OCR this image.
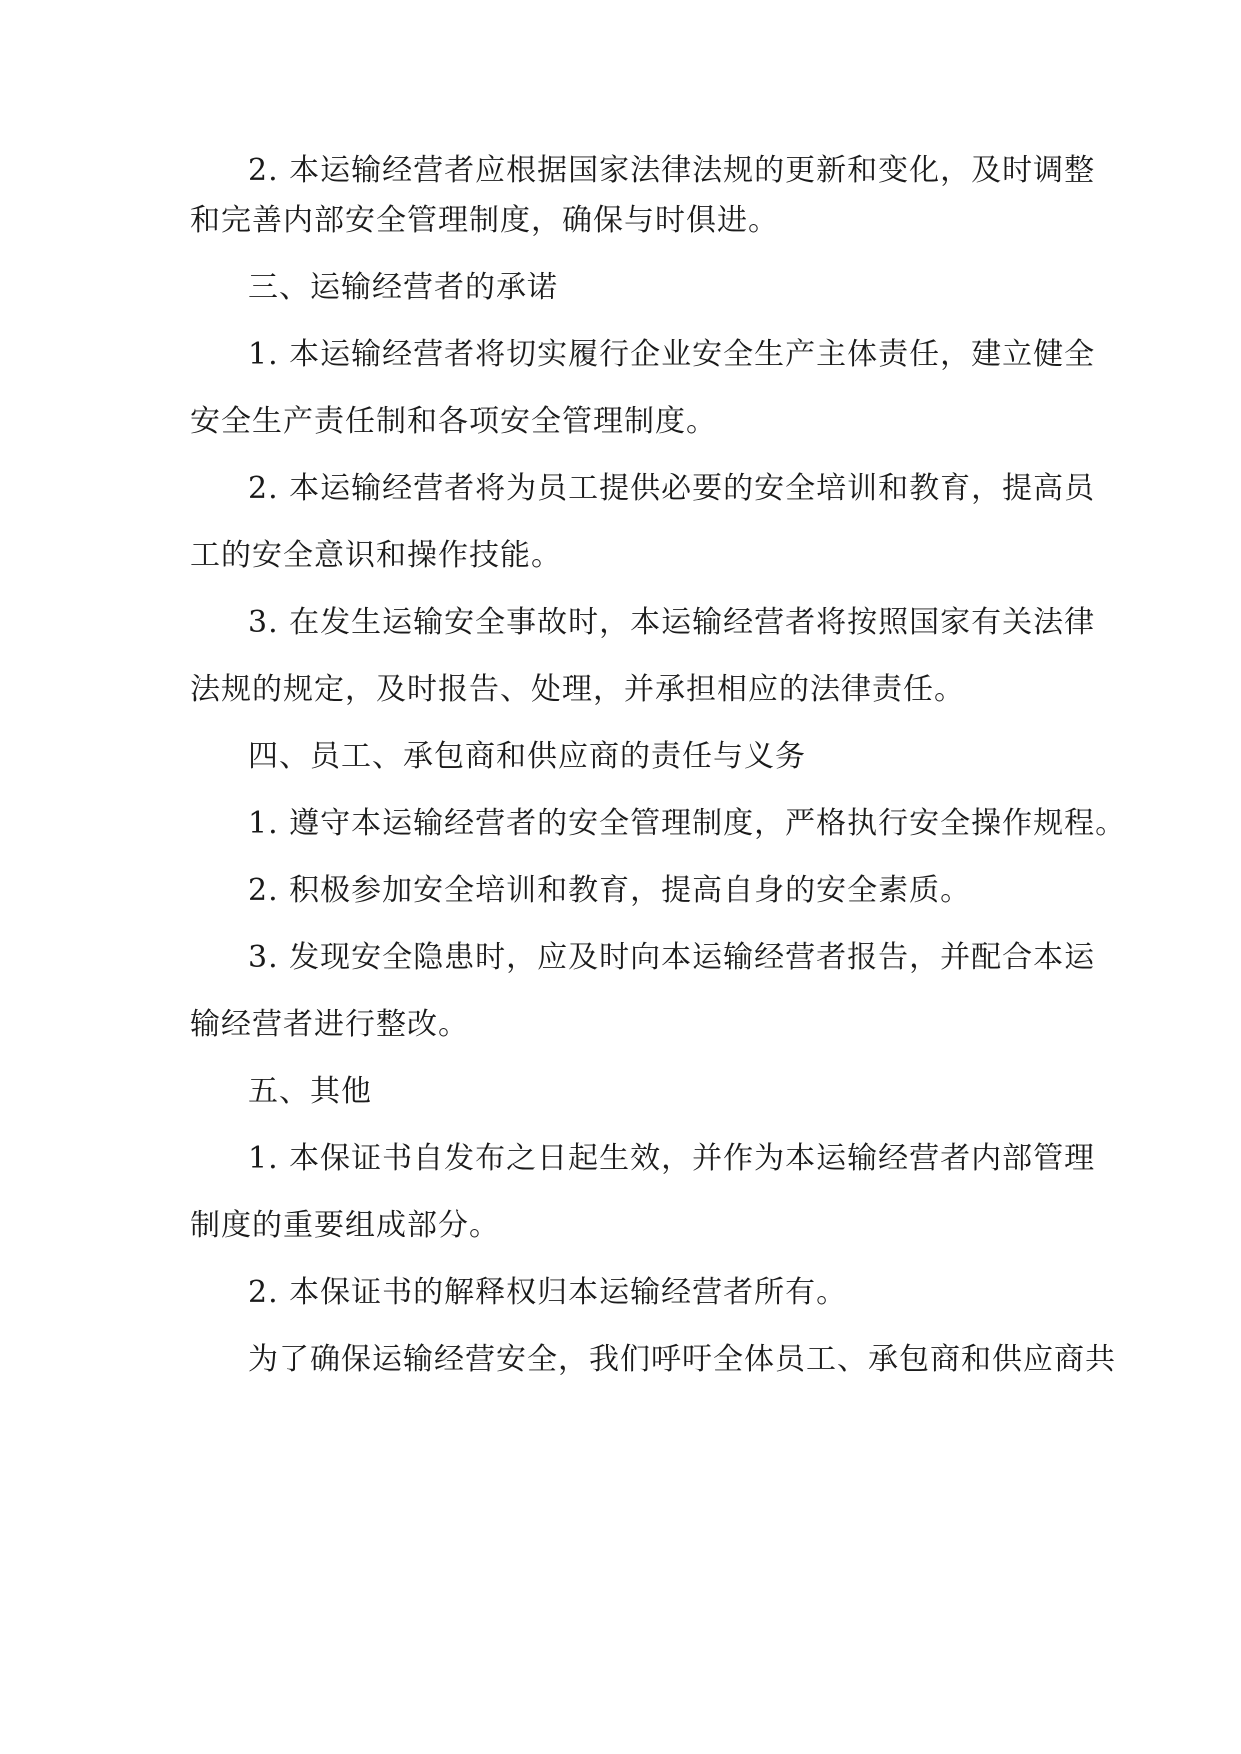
2. 本运输经营者应根据国家法律法规的更新和变化，及时调整
和完善内部安全管理制度，确保与时俱进。
三、运输经营者的承诺
1. 本运输经营者将切实履行企业安全生产主体责任，建立健全
安全生产责任制和各项安全管理制度。
2. 本运输经营者将为员工提供必要的安全培训和教育，提高员
工的安全意识和操作技能。
3. 在发生运输安全事故时，本运输经营者将按照国家有关法律
法规的规定，及时报告、处理，并承担相应的法律责任。
四、员工、承包商和供应商的责任与义务
1. 遵守本运输经营者的安全管理制度，严格执行安全操作规程。
2. 积极参加安全培训和教育，提高自身的安全素质。
3. 发现安全隐患时，应及时向本运输经营者报告，并配合本运
输经营者进行整改。
五、其他
1. 本保证书自发布之日起生效，并作为本运输经营者内部管理
制度的重要组成部分。
2. 本保证书的解释权归本运输经营者所有。
为了确保运输经营安全，我们呼吁全体员工、承包商和供应商共
